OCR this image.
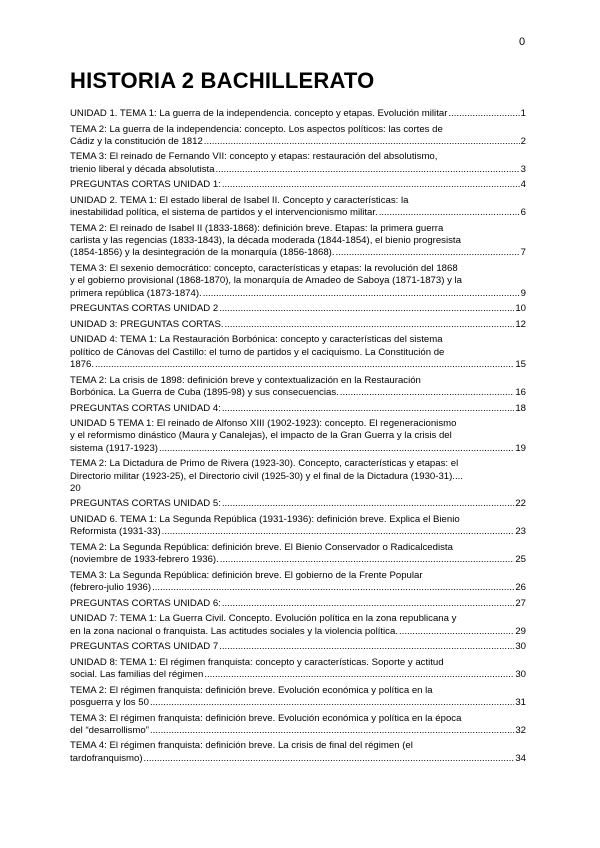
0
HISTORIA 2 BACHILLERATO
UNIDAD 1. TEMA 1: La guerra de la independencia. concepto y etapas. Evolución militar .....	1
TEMA 2: La guerra de la independencia: concepto. Los aspectos políticos: las cortes de
Cádiz y la constitución de 1812 .....	2
TEMA 3: El reinado de Fernando VII: concepto y etapas: restauración del absolutismo,
trienio liberal y década absolutista .....	3
PREGUNTAS CORTAS UNIDAD 1: .....	4
UNIDAD 2. TEMA 1: El estado liberal de Isabel II. Concepto y características: la
inestabilidad política, el sistema de partidos y el intervencionismo militar. .....	6
TEMA 2: El reinado de Isabel II (1833-1868): definición breve. Etapas: la primera guerra
carlista y las regencias (1833-1843), la década moderada (1844-1854), el bienio progresista
(1854-1856) y la desintegración de la monarquía (1856-1868). .....	7
TEMA 3: El sexenio democrático: concepto, características y etapas: la revolución del 1868
y el gobierno provisional (1868-1870), la monarquía de Amadeo de Saboya (1871-1873) y la
primera república (1873-1874). .....	9
PREGUNTAS CORTAS UNIDAD 2 .....	10
UNIDAD 3: PREGUNTAS CORTAS. .....	12
UNIDAD 4: TEMA 1: La Restauración Borbónica: concepto y características del sistema
político de Cánovas del Castillo: el turno de partidos y el caciquismo. La Constitución de
1876. .....	15
TEMA 2: La crisis de 1898: definición breve y contextualización en la Restauración
Borbónica. La Guerra de Cuba (1895-98) y sus consecuencias. .....	16
PREGUNTAS CORTAS UNIDAD 4: .....	18
UNIDAD 5 TEMA 1: El reinado de Alfonso XIII (1902-1923): concepto. El regeneracionismo
y el reformismo dinástico (Maura y Canalejas), el impacto de la Gran Guerra y la crisis del
sistema (1917-1923) .....	19
TEMA 2: La Dictadura de Primo de Rivera (1923-30). Concepto, características y etapas: el
Directorio militar (1923-25), el Directorio civil (1925-30) y el final de la Dictadura (1930-31)....
20
PREGUNTAS CORTAS UNIDAD 5: .....	22
UNIDAD 6. TEMA 1: La Segunda República (1931-1936): definición breve. Explica el Bienio
Reformista (1931-33) .....	23
TEMA 2: La Segunda República: definición breve. El Bienio Conservador o Radicalcedista
(noviembre de 1933-febrero 1936). .....	25
TEMA 3: La Segunda República: definición breve. El gobierno de la Frente Popular
(febrero-julio 1936) .....	26
PREGUNTAS CORTAS UNIDAD 6: .....	27
UNIDAD 7: TEMA 1: La Guerra Civil. Concepto. Evolución política en la zona republicana y
en la zona nacional o franquista. Las actitudes sociales y la violencia política. .....	29
PREGUNTAS CORTAS UNIDAD 7 .....	30
UNIDAD 8: TEMA 1: El régimen franquista: concepto y características. Soporte y actitud
social. Las familias del régimen .....	30
TEMA 2: El régimen franquista: definición breve. Evolución económica y política en la
posguerra y los 50 .....	31
TEMA 3: El régimen franquista: definición breve. Evolución económica y política en la época
del “desarrollismo” .....	32
TEMA 4: El régimen franquista: definición breve. La crisis de final del régimen (el
tardofranquismo) .....	34
